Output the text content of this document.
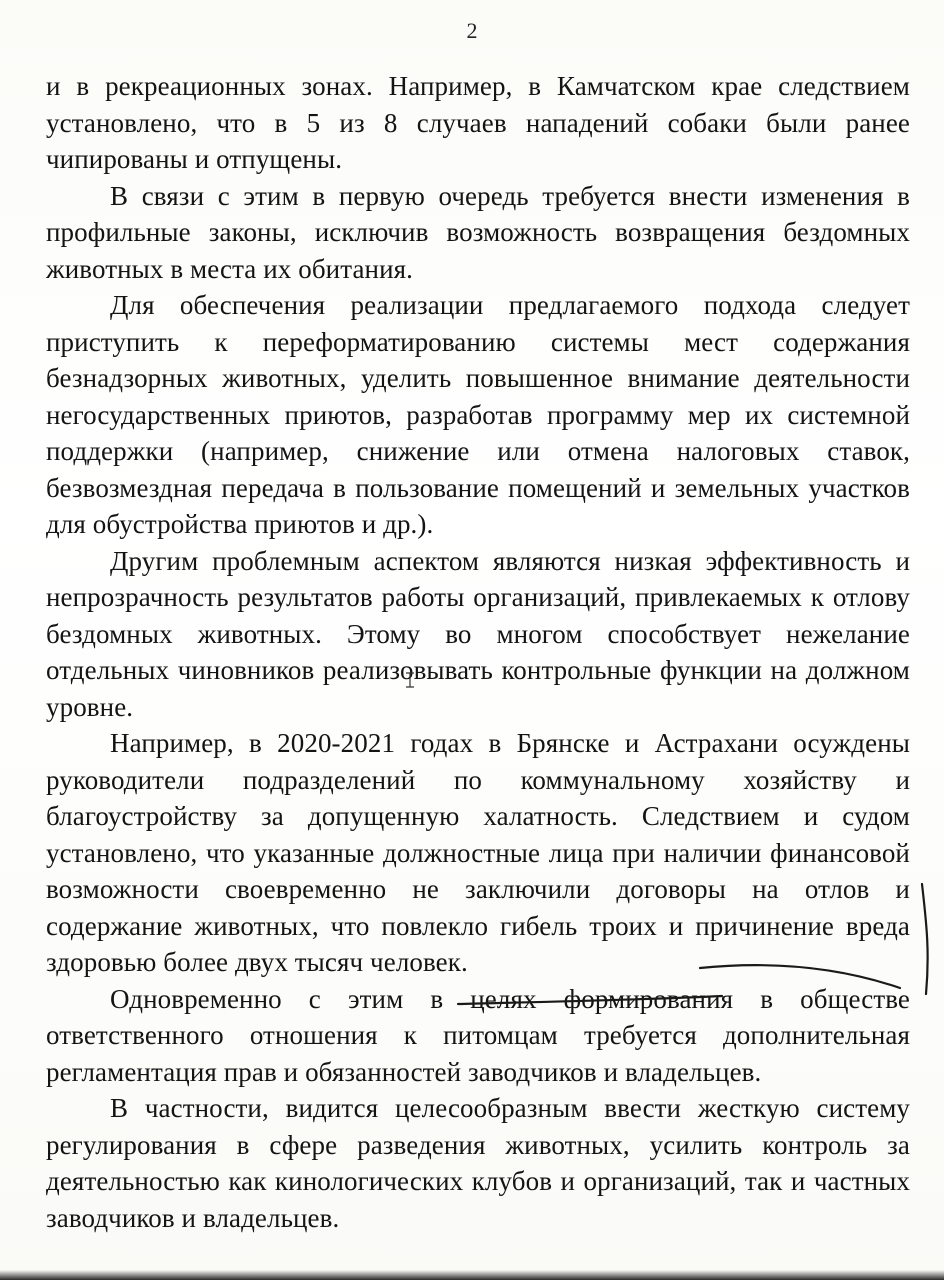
2

и в рекреационных зонах. Например, в Камчатском крае следствием установлено, что в 5 из 8 случаев нападений собаки были ранее чипированы и отпущены.

В связи с этим в первую очередь требуется внести изменения в профильные законы, исключив возможность возвращения бездомных животных в места их обитания.

Для обеспечения реализации предлагаемого подхода следует приступить к переформатированию системы мест содержания безнадзорных животных, уделить повышенное внимание деятельности негосударственных приютов, разработав программу мер их системной поддержки (например, снижение или отмена налоговых ставок, безвозмездная передача в пользование помещений и земельных участков для обустройства приютов и др.).

Другим проблемным аспектом являются низкая эффективность и непрозрачность результатов работы организаций, привлекаемых к отлову бездомных животных. Этому во многом способствует нежелание отдельных чиновников реализовывать контрольные функции на должном уровне.

Например, в 2020-2021 годах в Брянске и Астрахани осуждены руководители подразделений по коммунальному хозяйству и благоустройству за допущенную халатность. Следствием и судом установлено, что указанные должностные лица при наличии финансовой возможности своевременно не заключили договоры на отлов и содержание животных, что повлекло гибель троих и причинение вреда здоровью более двух тысяч человек.

Одновременно с этим в целях формирования в обществе ответственного отношения к питомцам требуется дополнительная регламентация прав и обязанностей заводчиков и владельцев.

В частности, видится целесообразным ввести жесткую систему регулирования в сфере разведения животных, усилить контроль за деятельностью как кинологических клубов и организаций, так и частных заводчиков и владельцев.
